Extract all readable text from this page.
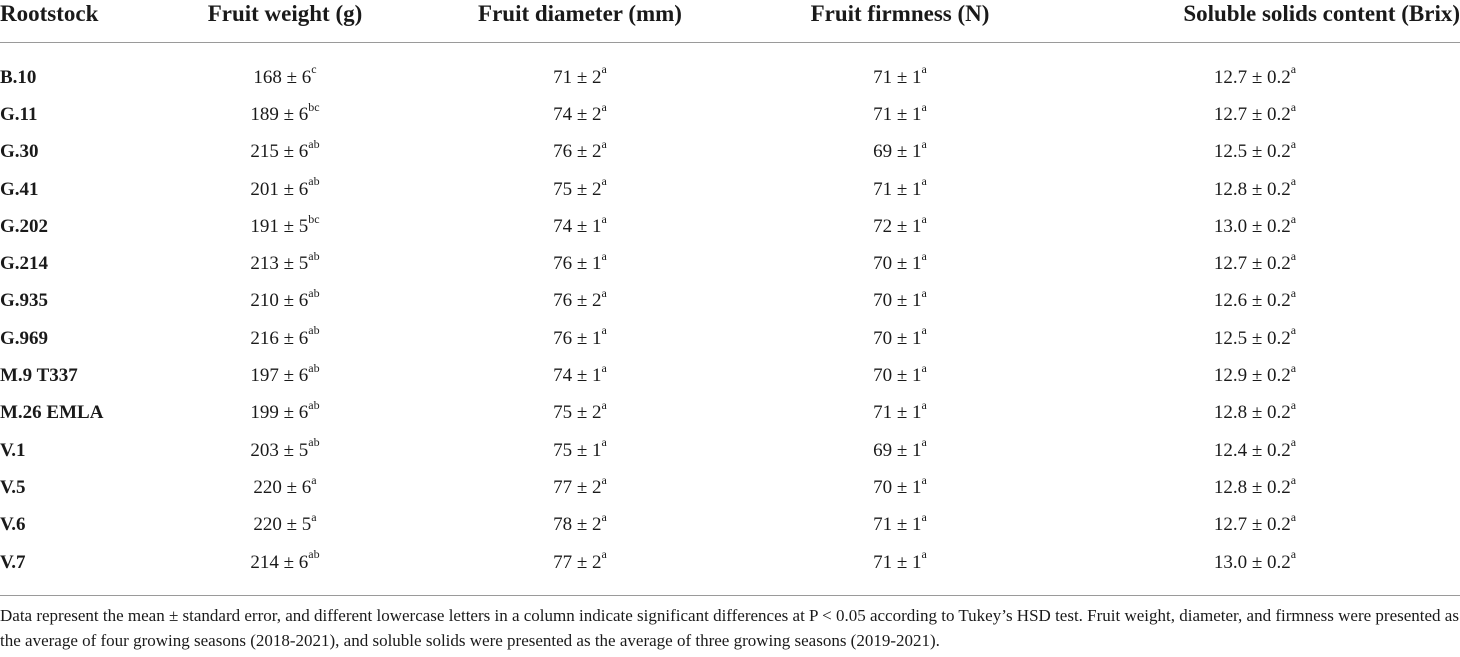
Rootstock	Fruit weight (g)	Fruit diameter (mm)	Fruit firmness (N)	Soluble solids content (Brix)

B.10	$168 \pm 6^c$	$71 \pm 2^a$	$71 \pm 1^a$	12.7 ± 0.2$^a$
G.11	$189 \pm 6^{bc}$	$74 \pm 2^a$	$71 \pm 1^a$	12.7 ± 0.2$^a$
G.30	$215 \pm 6^{ab}$	$76 \pm 2^a$	$69 \pm 1^a$	12.5 ± 0.2$^a$
G.41	$201 \pm 6^{ab}$	$75 \pm 2^a$	$71 \pm 1^a$	12.8 ± 0.2$^a$
G.202	$191 \pm 5^{bc}$	$74 \pm 1^a$	$72 \pm 1^a$	13.0 ± 0.2$^a$
G.214	$213 \pm 5^{ab}$	$76 \pm 1^a$	$70 \pm 1^a$	12.7 ± 0.2$^a$
G.935	$210 \pm 6^{ab}$	$76 \pm 2^a$	$70 \pm 1^a$	12.6 ± 0.2$^a$
G.969	$216 \pm 6^{ab}$	$76 \pm 1^a$	$70 \pm 1^a$	12.5 ± 0.2$^a$
M.9 T337	$197 \pm 6^{ab}$	$74 \pm 1^a$	$70 \pm 1^a$	12.9 ± 0.2$^a$
M.26 EMLA	$199 \pm 6^{ab}$	$75 \pm 2^a$	$71 \pm 1^a$	12.8 ± 0.2$^a$
V.1	$203 \pm 5^{ab}$	$75 \pm 1^a$	$69 \pm 1^a$	12.4 ± 0.2$^a$
V.5	$220 \pm 6^a$	$77 \pm 2^a$	$70 \pm 1^a$	12.8 ± 0.2$^a$
V.6	$220 \pm 5^a$	$78 \pm 2^a$	$71 \pm 1^a$	12.7 ± 0.2$^a$
V.7	$214 \pm 6^{ab}$	$77 \pm 2^a$	$71 \pm 1^a$	13.0 ± 0.2$^a$
Data represent the mean ± standard error, and different lowercase letters in a column indicate significant differences at P < 0.05 according to Tukey’s HSD test. Fruit weight, diameter, and firmness were presented as the average of four growing seasons (2018-2021), and soluble solids were presented as the average of three growing seasons (2019-2021).
